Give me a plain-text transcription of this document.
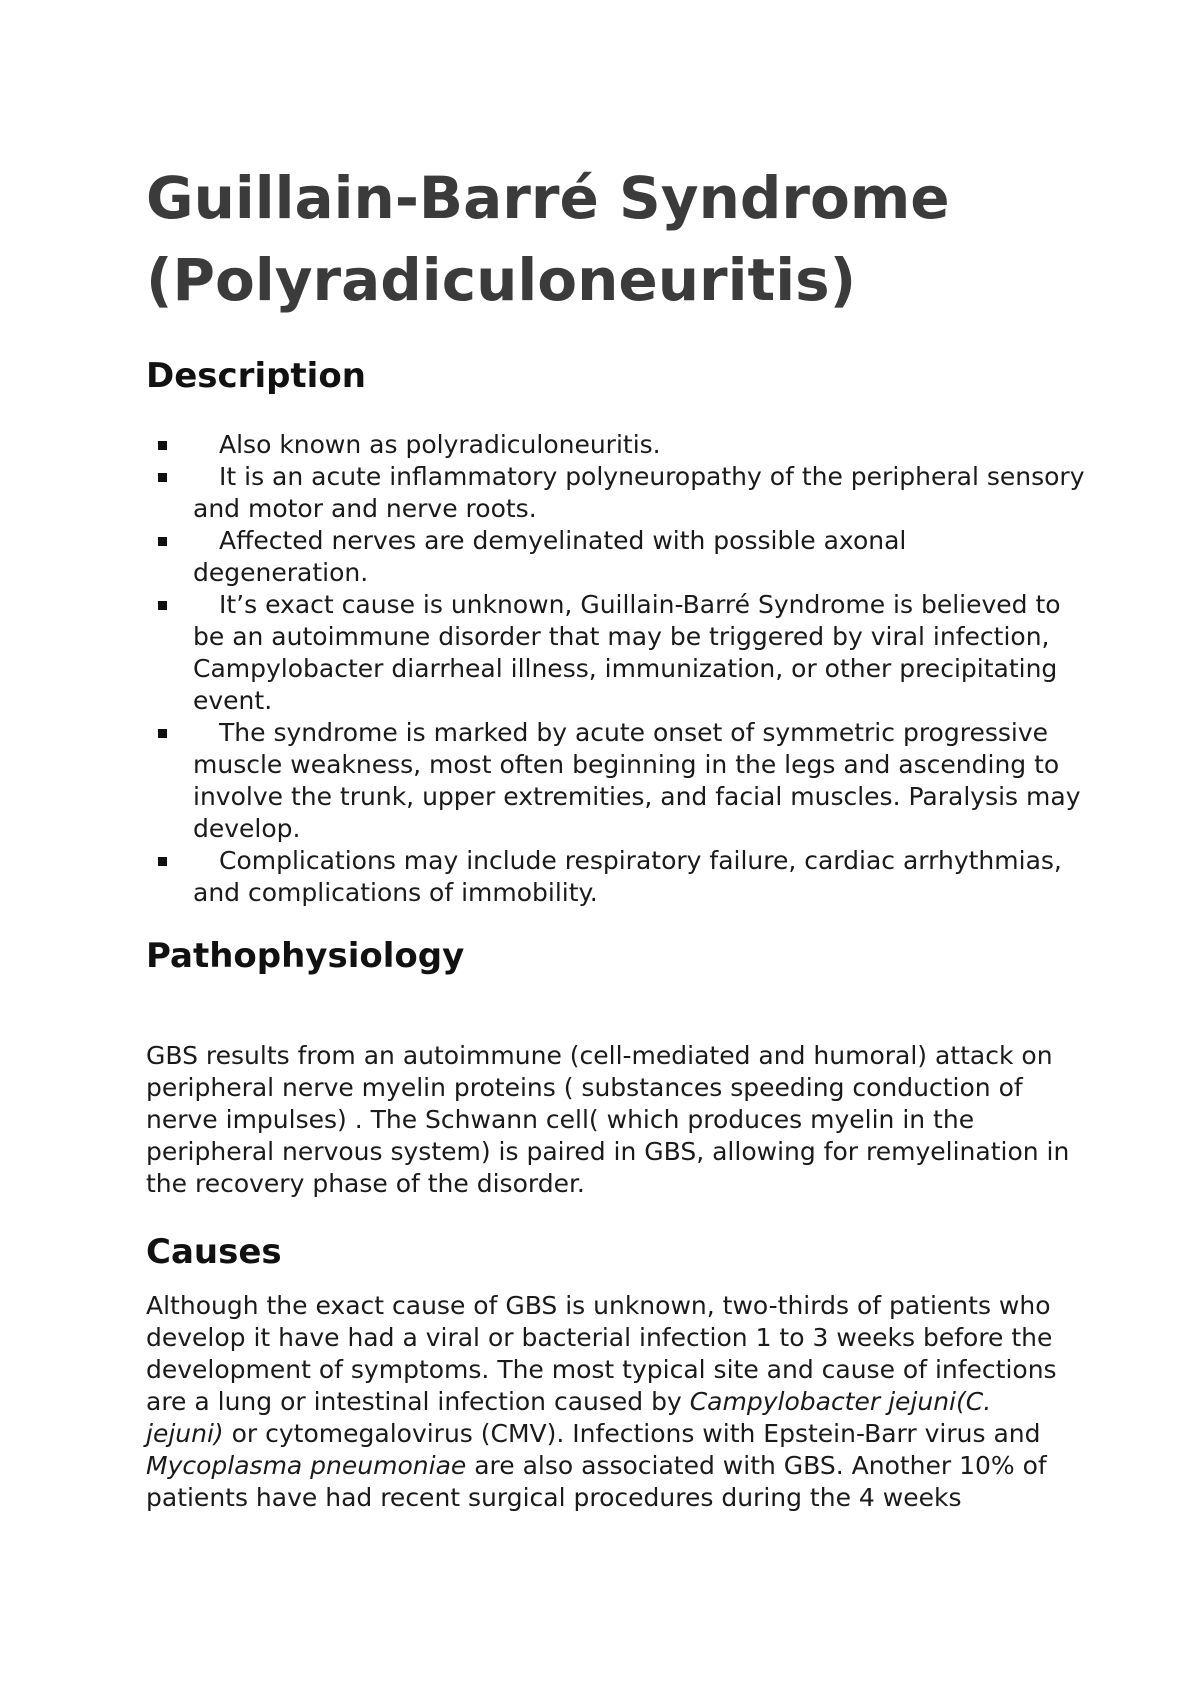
Guillain-Barré Syndrome (Polyradiculoneuritis)
Description
Also known as polyradiculoneuritis.
It is an acute inflammatory polyneuropathy of the peripheral sensory and motor and nerve roots.
Affected nerves are demyelinated with possible axonal degeneration.
It’s exact cause is unknown, Guillain-Barré Syndrome is believed to be an autoimmune disorder that may be triggered by viral infection, Campylobacter diarrheal illness, immunization, or other precipitating event.
The syndrome is marked by acute onset of symmetric progressive muscle weakness, most often beginning in the legs and ascending to involve the trunk, upper extremities, and facial muscles. Paralysis may develop.
Complications may include respiratory failure, cardiac arrhythmias, and complications of immobility.
Pathophysiology

GBS results from an autoimmune (cell-mediated and humoral) attack on peripheral nerve myelin proteins ( substances speeding conduction of nerve impulses) . The Schwann cell( which produces myelin in the peripheral nervous system) is paired in GBS, allowing for remyelination in the recovery phase of the disorder.

Causes

Although the exact cause of GBS is unknown, two-thirds of patients who develop it have had a viral or bacterial infection 1 to 3 weeks before the development of symptoms. The most typical site and cause of infections are a lung or intestinal infection caused by Campylobacter jejuni(C. jejuni) or cytomegalovirus (CMV). Infections with Epstein-Barr virus and Mycoplasma pneumoniae are also associated with GBS. Another 10% of patients have had recent surgical procedures during the 4 weeks
